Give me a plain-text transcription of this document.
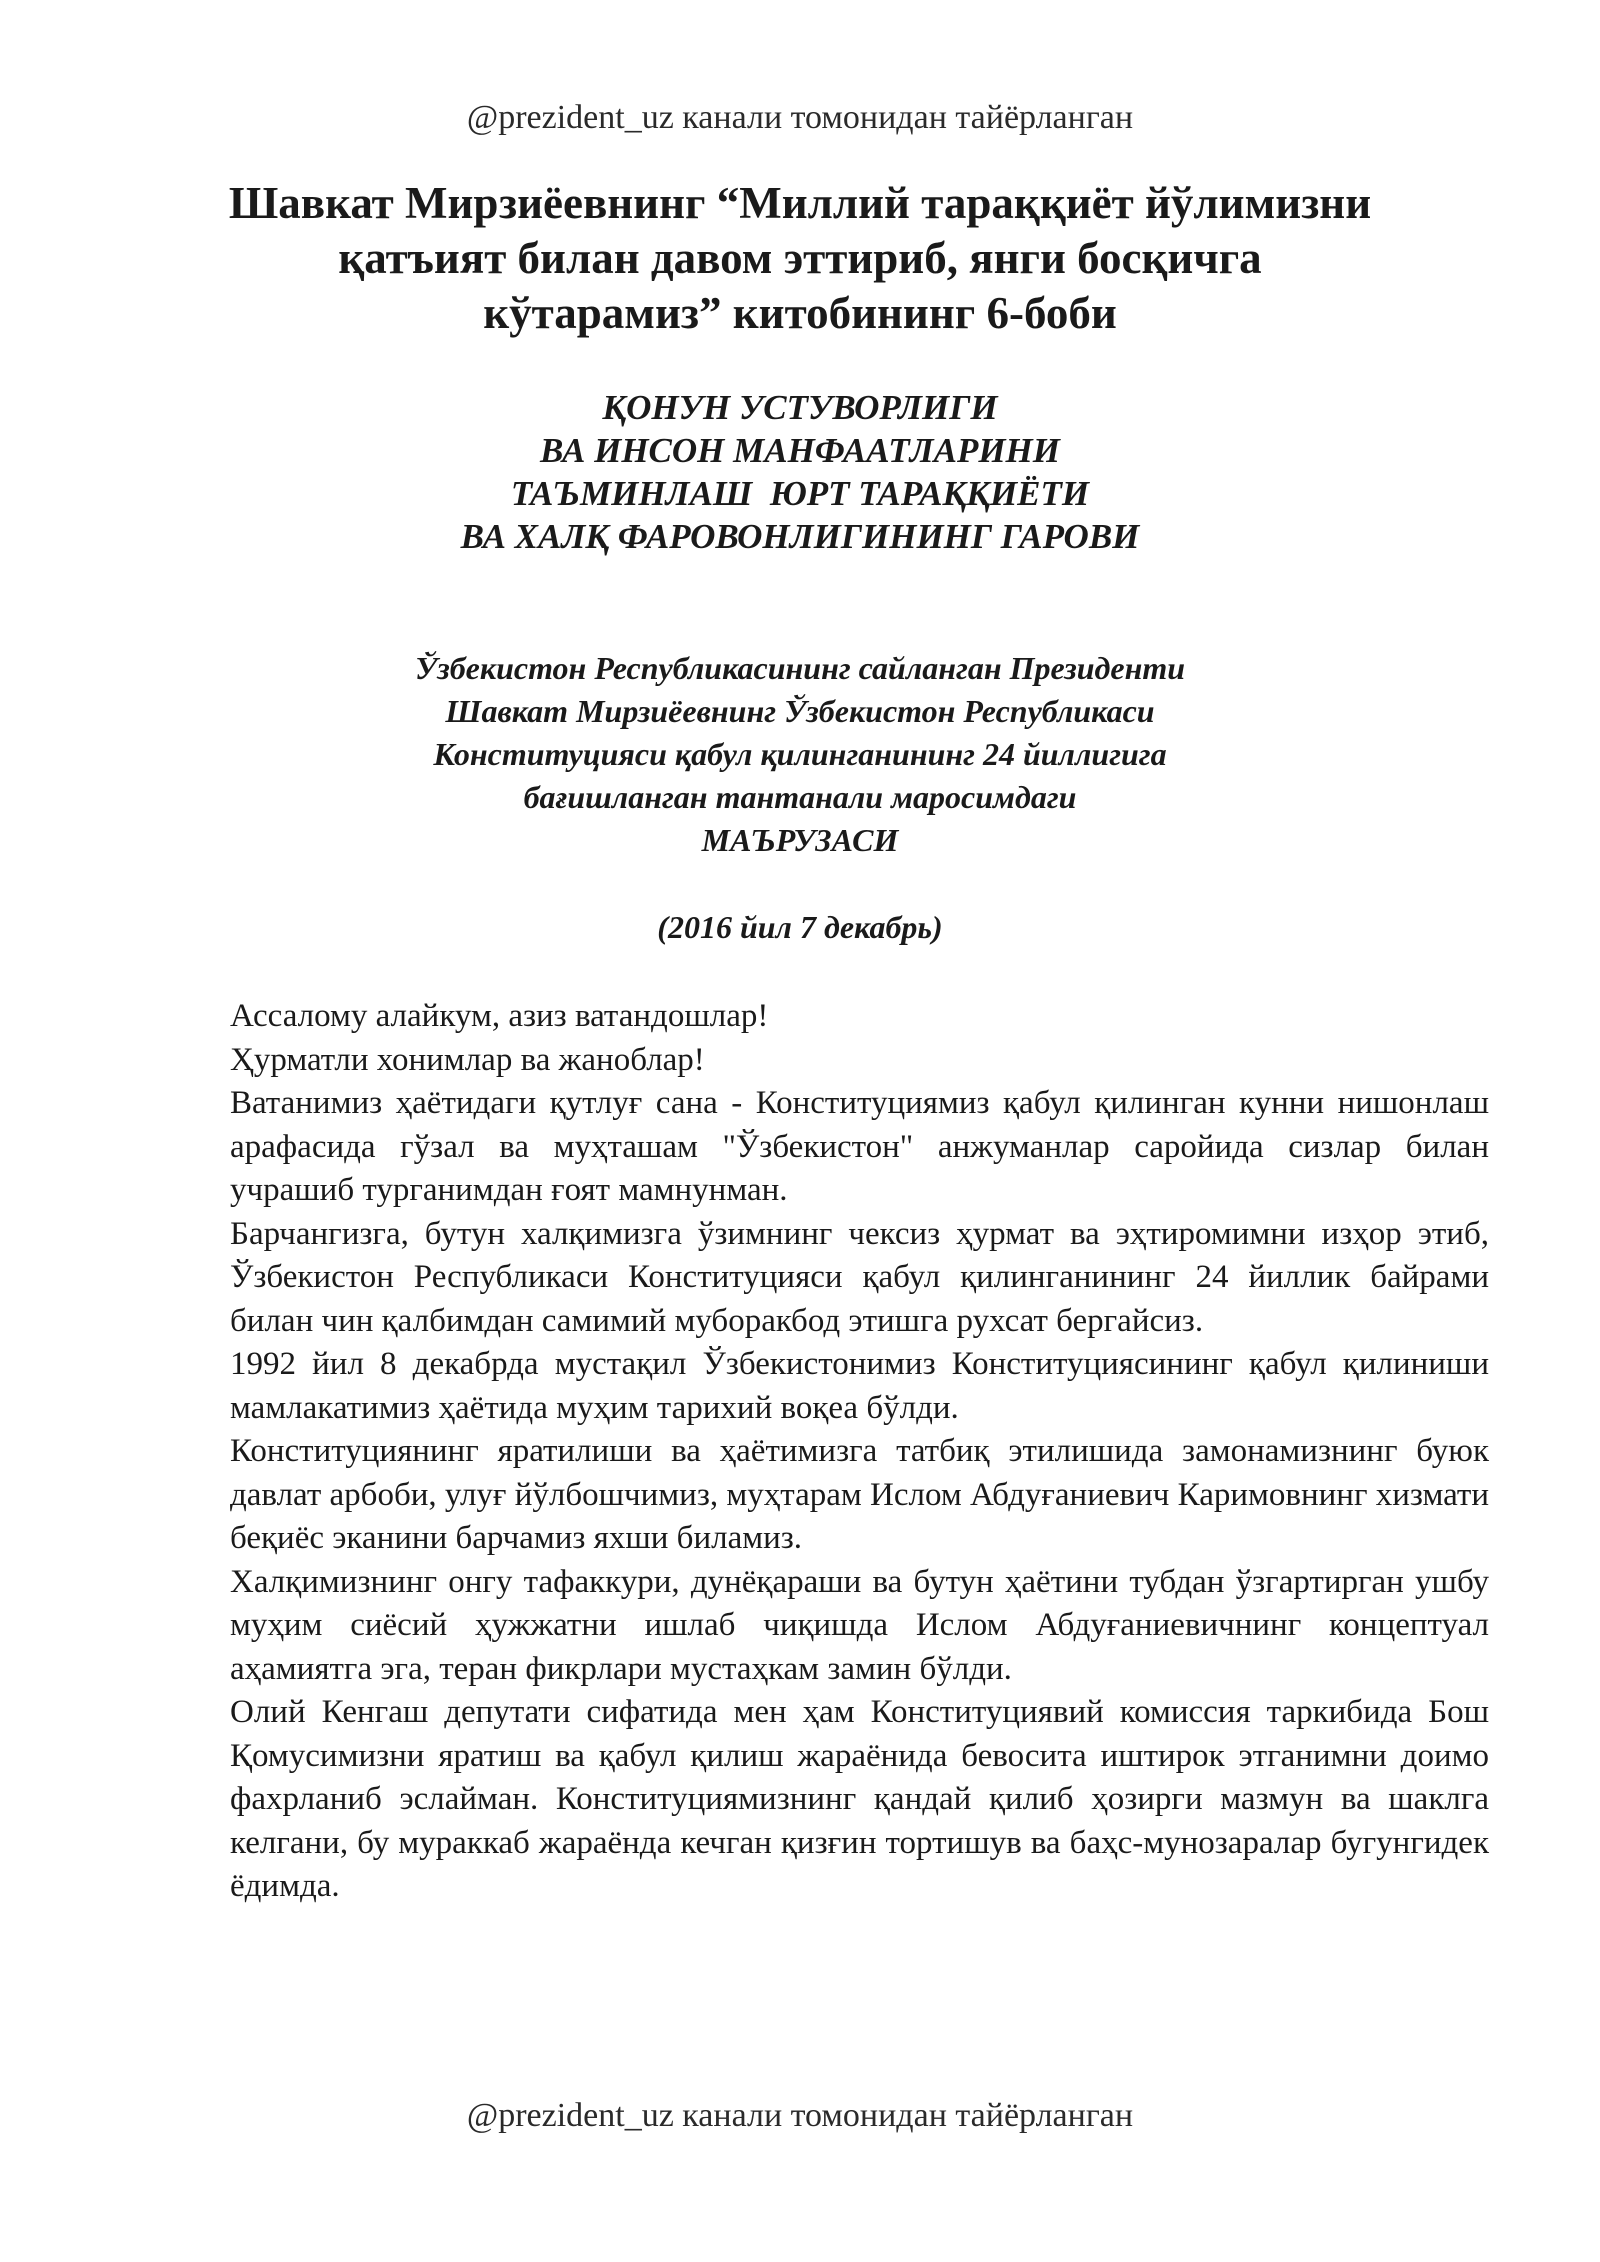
@prezident_uz канали томонидан тайёрланган
Шавкат Мирзиёевнинг “Миллий тараққиёт йўлимизни
қатъият билан давом эттириб, янги босқичга
кўтарамиз” китобининг 6-боби
ҚОНУН УСТУВОРЛИГИ
ВА ИНСОН МАНФААТЛАРИНИ
ТАЪМИНЛАШ  ЮРТ ТАРАҚҚИЁТИ
ВА ХАЛҚ ФАРОВОНЛИГИНИНГ ГАРОВИ
Ўзбекистон Республикасининг сайланган Президенти
Шавкат Мирзиёевнинг Ўзбекистон Республикаси
Конституцияси қабул қилинганининг 24 йиллигига
бағишланган тантанали маросимдаги
МАЪРУЗАСИ
(2016 йил 7 декабрь)

Ассалому алайкум, азиз ватандошлар!

Ҳурматли хонимлар ва жаноблар!

Ватанимиз ҳаётидаги қутлуғ сана - Конституциямиз қабул қилинган кунни нишонлаш арафасида гўзал ва муҳташам "Ўзбекистон" анжуманлар саройида сизлар билан учрашиб турганимдан ғоят мамнунман.

Барчангизга, бутун халқимизга ўзимнинг чексиз ҳурмат ва эҳтиромимни изҳор этиб, Ўзбекистон Республикаси Конституцияси қабул қилинганининг 24 йиллик байрами билан чин қалбимдан самимий муборакбод этишга рухсат бергайсиз.

1992 йил 8 декабрда мустақил Ўзбекистонимиз Конституциясининг қабул қилиниши мамлакатимиз ҳаётида муҳим тарихий воқеа бўлди.

Конституциянинг яратилиши ва ҳаётимизга татбиқ этилишида замонамизнинг буюк давлат арбоби, улуғ йўлбошчимиз, муҳтарам Ислом Абдуғаниевич Каримовнинг хизмати беқиёс эканини барчамиз яхши биламиз.

Халқимизнинг онгу тафаккури, дунёқараши ва бутун ҳаётини тубдан ўзгартирган ушбу муҳим сиёсий ҳужжатни ишлаб чиқишда Ислом Абдуғаниевичнинг концептуал аҳамиятга эга, теран фикрлари мустаҳкам замин бўлди.

Олий Кенгаш депутати сифатида мен ҳам Конституциявий комиссия таркибида Бош Қомусимизни яратиш ва қабул қилиш жараёнида бевосита иштирок этганимни доимо фахрланиб эслайман. Конституциямизнинг қандай қилиб ҳозирги мазмун ва шаклга келгани, бу мураккаб жараёнда кечган қизғин тортишув ва баҳс-мунозаралар бугунгидек ёдимда.

@prezident_uz канали томонидан тайёрланган
